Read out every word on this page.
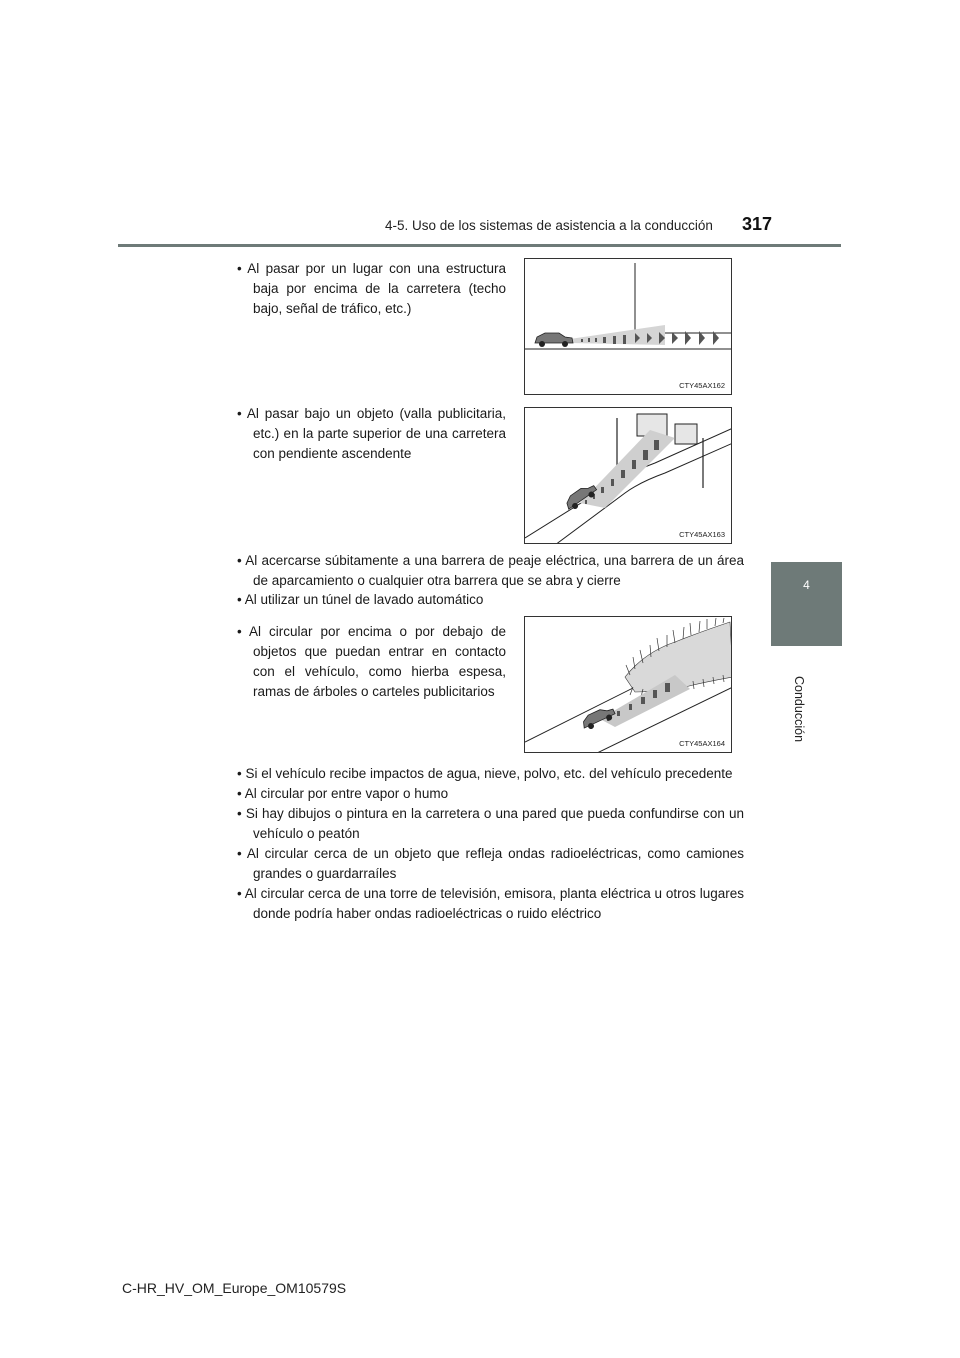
4-5. Uso de los sistemas de asistencia a la conducción 317
4
Conducción
• Al pasar por un lugar con una estructura baja por encima de la carretera (techo bajo, señal de tráfico, etc.)
CTY45AX162
• Al pasar bajo un objeto (valla publicitaria, etc.) en la parte superior de una carretera con pendiente ascendente
CTY45AX163
• Al acercarse súbitamente a una barrera de peaje eléctrica, una barrera de un área de aparcamiento o cualquier otra barrera que se abra y cierre
• Al utilizar un túnel de lavado automático
• Al circular por encima o por debajo de objetos que puedan entrar en contacto con el vehículo, como hierba espesa, ramas de árboles o carteles publicitarios
CTY45AX164
• Si el vehículo recibe impactos de agua, nieve, polvo, etc. del vehículo precedente
• Al circular por entre vapor o humo
• Si hay dibujos o pintura en la carretera o una pared que pueda confundirse con un vehículo o peatón
• Al circular cerca de un objeto que refleja ondas radioeléctricas, como camiones grandes o guardarraíles
• Al circular cerca de una torre de televisión, emisora, planta eléctrica u otros lugares donde podría haber ondas radioeléctricas o ruido eléctrico
C-HR_HV_OM_Europe_OM10579S
